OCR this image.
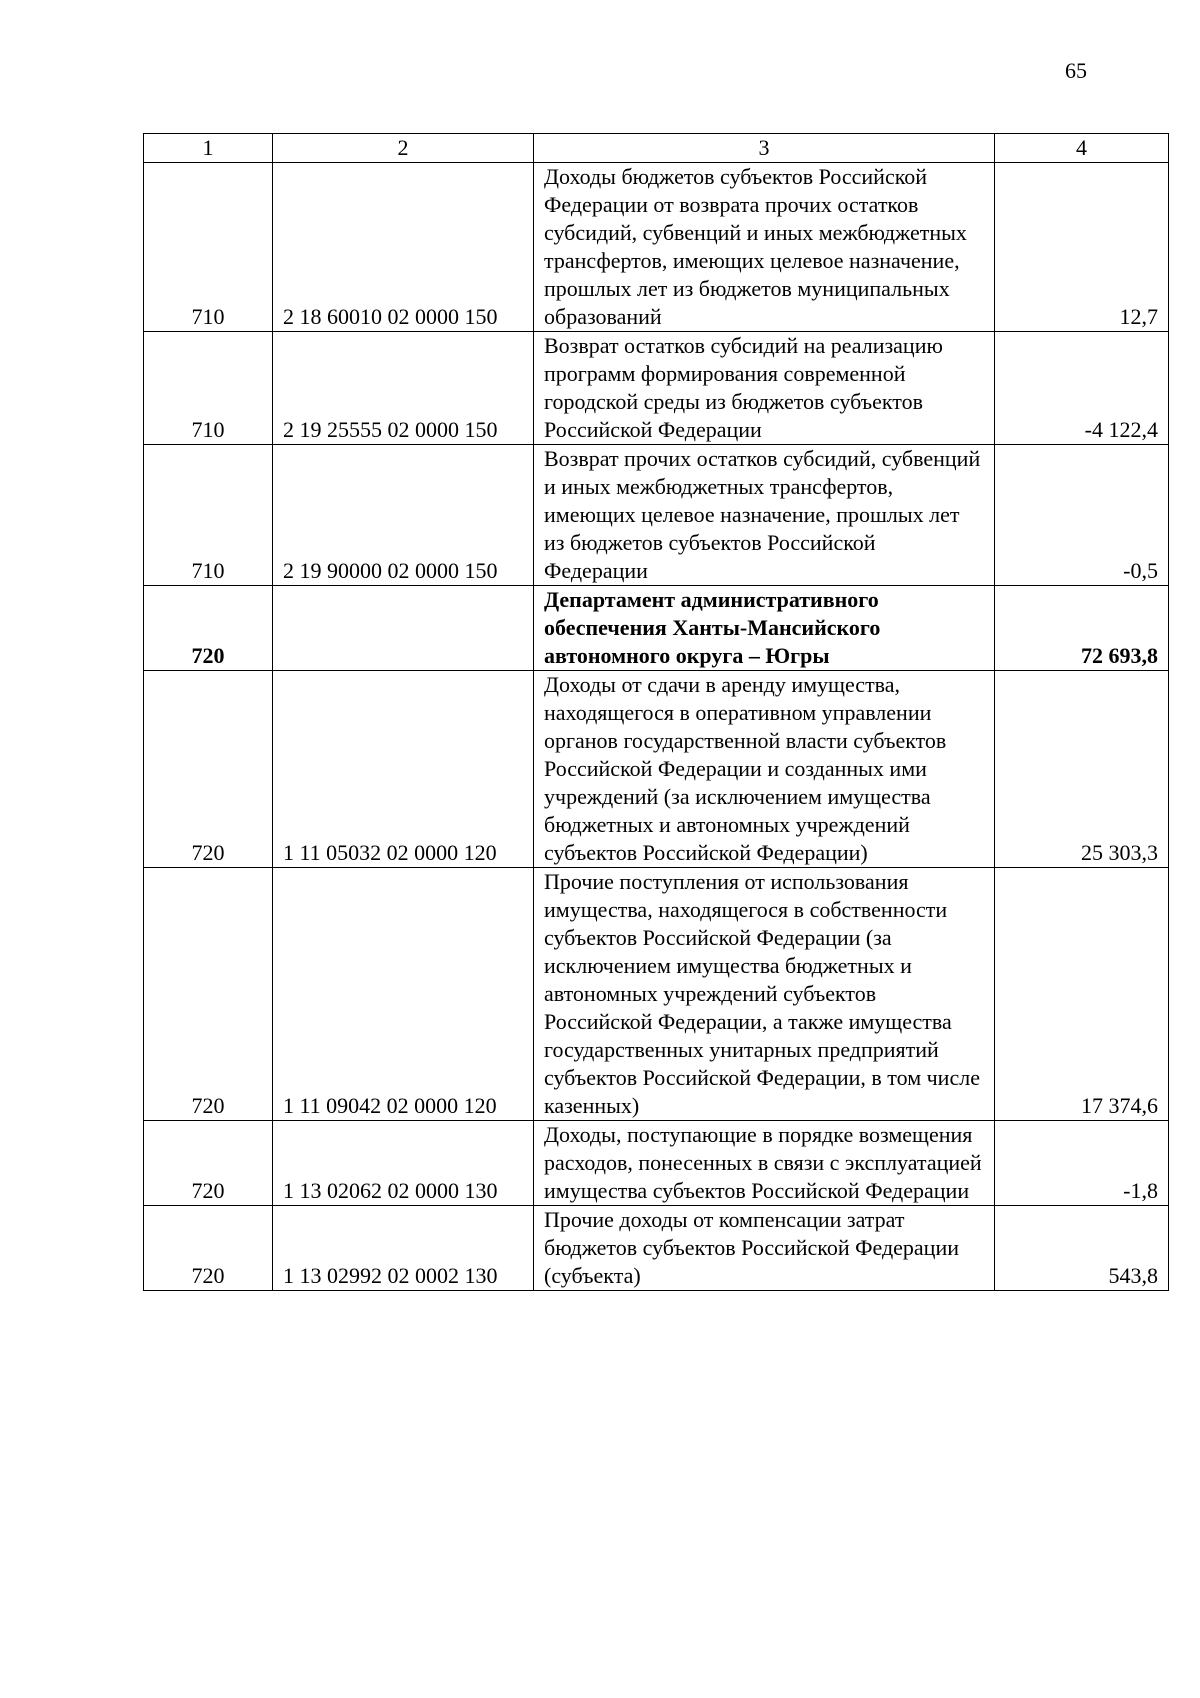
65
1	2	3	4
710	2 18 60010 02 0000 150	Доходы бюджетов субъектов Российской Федерации от возврата прочих остатков субсидий, субвенций и иных межбюджетных трансфертов, имеющих целевое назначение, прошлых лет из бюджетов муниципальных образований	12,7
710	2 19 25555 02 0000 150	Возврат остатков субсидий на реализацию программ формирования современной городской среды из бюджетов субъектов Российской Федерации	-4 122,4
710	2 19 90000 02 0000 150	Возврат прочих остатков субсидий, субвенций и иных межбюджетных трансфертов, имеющих целевое назначение, прошлых лет из бюджетов субъектов Российской Федерации	-0,5
720		Департамент административного обеспечения Ханты-Мансийского автономного округа – Югры	72 693,8
720	1 11 05032 02 0000 120	Доходы от сдачи в аренду имущества, находящегося в оперативном управлении органов государственной власти субъектов Российской Федерации и созданных ими учреждений (за исключением имущества бюджетных и автономных учреждений субъектов Российской Федерации)	25 303,3
720	1 11 09042 02 0000 120	Прочие поступления от использования имущества, находящегося в собственности субъектов Российской Федерации (за исключением имущества бюджетных и автономных учреждений субъектов Российской Федерации, а также имущества государственных унитарных предприятий субъектов Российской Федерации, в том числе казенных)	17 374,6
720	1 13 02062 02 0000 130	Доходы, поступающие в порядке возмещения расходов, понесенных в связи с эксплуатацией имущества субъектов Российской Федерации	-1,8
720	1 13 02992 02 0002 130	Прочие доходы от компенсации затрат бюджетов субъектов Российской Федерации (субъекта)	543,8
